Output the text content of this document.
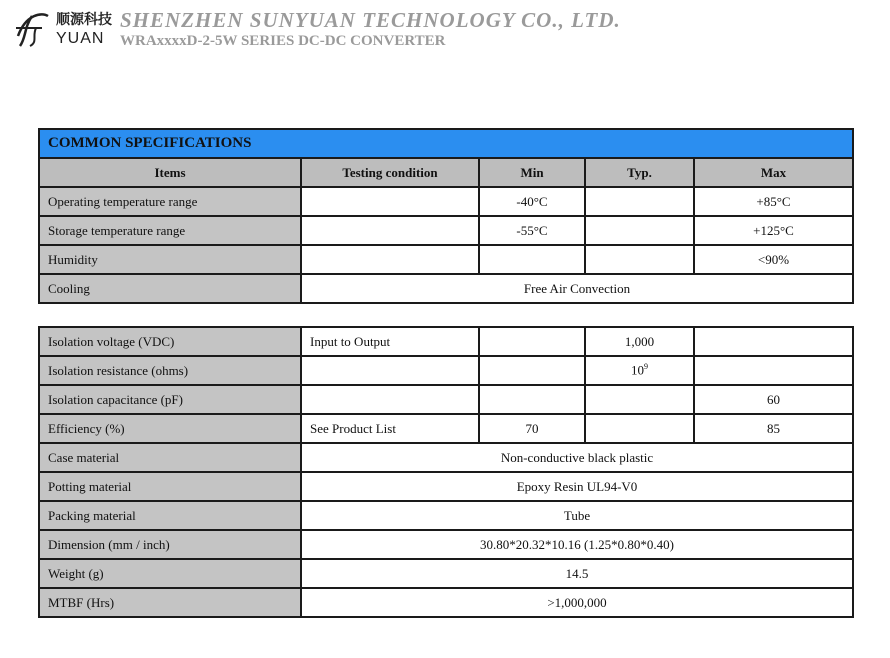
顺源科技
YUAN
SHENZHEN SUNYUAN TECHNOLOGY CO., LTD.
WRAxxxxD-2-5W SERIES DC-DC CONVERTER
COMMON SPECIFICATIONS				
Items	Testing condition	Min	Typ.	Max
Operating temperature range		-40°C		+85°C
Storage temperature range		-55°C		+125°C
Humidity				<90%
Cooling	Free Air Convection			
Isolation voltage (VDC)	Input to Output		1,000	
Isolation resistance (ohms)			$10^9$	
Isolation capacitance (pF)				60
Efficiency (%)	See Product List	70		85
Case material	Non-conductive black plastic			
Potting material	Epoxy Resin UL94-V0			
Packing material	Tube			
Dimension (mm / inch)	30.80*20.32*10.16 (1.25*0.80*0.40)			
Weight (g)	14.5			
MTBF (Hrs)	>1,000,000			
